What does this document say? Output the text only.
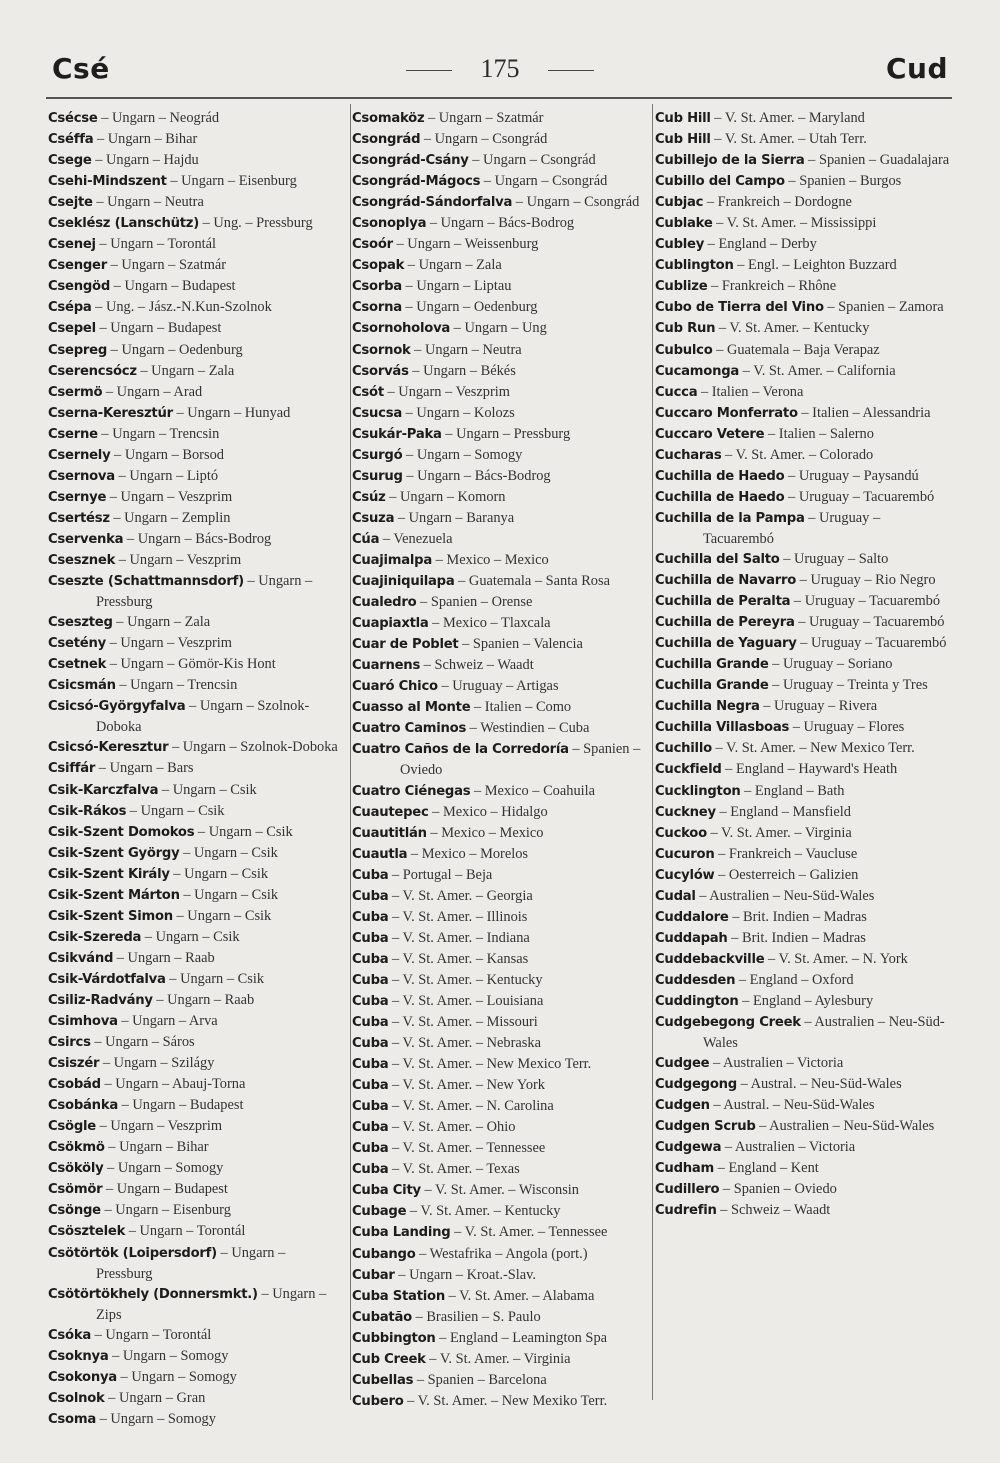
Csé	175	Cud

Csécse – Ungarn – Neográd

Cséffa – Ungarn – Bihar

Csege – Ungarn – Hajdu

Csehi-Mindszent – Ungarn – Eisenburg

Csejte – Ungarn – Neutra

Cseklész (Lanschütz) – Ung. – Pressburg

Csenej – Ungarn – Torontál

Csenger – Ungarn – Szatmár

Csengöd – Ungarn – Budapest

Csépa – Ung. – Jász.-N.Kun-Szolnok

Csepel – Ungarn – Budapest

Csepreg – Ungarn – Oedenburg

Cserencsócz – Ungarn – Zala

Csermö – Ungarn – Arad

Cserna-Keresztúr – Ungarn – Hunyad

Cserne – Ungarn – Trencsin

Csernely – Ungarn – Borsod

Csernova – Ungarn – Liptó

Csernye – Ungarn – Veszprim

Csertész – Ungarn – Zemplin

Cservenka – Ungarn – Bács-Bodrog

Csesznek – Ungarn – Veszprim

Cseszte (Schattmannsdorf) – Ungarn – Pressburg

Cseszteg – Ungarn – Zala

Csetény – Ungarn – Veszprim

Csetnek – Ungarn – Gömör-Kis Hont

Csicsmán – Ungarn – Trencsin

Csicsó-Györgyfalva – Ungarn – Szolnok-Doboka

Csicsó-Keresztur – Ungarn – Szolnok-Doboka

Csiffár – Ungarn – Bars

Csik-Karczfalva – Ungarn – Csik

Csik-Rákos – Ungarn – Csik

Csik-Szent Domokos – Ungarn – Csik

Csik-Szent György – Ungarn – Csik

Csik-Szent Király – Ungarn – Csik

Csik-Szent Márton – Ungarn – Csik

Csik-Szent Simon – Ungarn – Csik

Csik-Szereda – Ungarn – Csik

Csikvánd – Ungarn – Raab

Csik-Várdotfalva – Ungarn – Csik

Csiliz-Radvány – Ungarn – Raab

Csimhova – Ungarn – Arva

Csircs – Ungarn – Sáros

Csiszér – Ungarn – Szilágy

Csobád – Ungarn – Abauj-Torna

Csobánka – Ungarn – Budapest

Csögle – Ungarn – Veszprim

Csökmö – Ungarn – Bihar

Csököly – Ungarn – Somogy

Csömör – Ungarn – Budapest

Csönge – Ungarn – Eisenburg

Csösztelek – Ungarn – Torontál

Csötörtök (Loipersdorf) – Ungarn – Pressburg

Csötörtökhely (Donnersmkt.) – Ungarn – Zips

Csóka – Ungarn – Torontál

Csoknya – Ungarn – Somogy

Csokonya – Ungarn – Somogy

Csolnok – Ungarn – Gran

Csoma – Ungarn – Somogy

Csomaköz – Ungarn – Szatmár

Csongrád – Ungarn – Csongrád

Csongrád-Csány – Ungarn – Csongrád

Csongrád-Mágocs – Ungarn – Csongrád

Csongrád-Sándorfalva – Ungarn – Csongrád

Csonoplya – Ungarn – Bács-Bodrog

Csoór – Ungarn – Weissenburg

Csopak – Ungarn – Zala

Csorba – Ungarn – Liptau

Csorna – Ungarn – Oedenburg

Csornoholova – Ungarn – Ung

Csornok – Ungarn – Neutra

Csorvás – Ungarn – Békés

Csót – Ungarn – Veszprim

Csucsa – Ungarn – Kolozs

Csukár-Paka – Ungarn – Pressburg

Csurgó – Ungarn – Somogy

Csurug – Ungarn – Bács-Bodrog

Csúz – Ungarn – Komorn

Csuza – Ungarn – Baranya

Cúa – Venezuela

Cuajimalpa – Mexico – Mexico

Cuajiniquilapa – Guatemala – Santa Rosa

Cualedro – Spanien – Orense

Cuapiaxtla – Mexico – Tlaxcala

Cuar de Poblet – Spanien – Valencia

Cuarnens – Schweiz – Waadt

Cuaró Chico – Uruguay – Artigas

Cuasso al Monte – Italien – Como

Cuatro Caminos – Westindien – Cuba

Cuatro Caños de la Corredoría – Spanien – Oviedo

Cuatro Ciénegas – Mexico – Coahuila

Cuautepec – Mexico – Hidalgo

Cuautitlán – Mexico – Mexico

Cuautla – Mexico – Morelos

Cuba – Portugal – Beja

Cuba – V. St. Amer. – Georgia

Cuba – V. St. Amer. – Illinois

Cuba – V. St. Amer. – Indiana

Cuba – V. St. Amer. – Kansas

Cuba – V. St. Amer. – Kentucky

Cuba – V. St. Amer. – Louisiana

Cuba – V. St. Amer. – Missouri

Cuba – V. St. Amer. – Nebraska

Cuba – V. St. Amer. – New Mexico Terr.

Cuba – V. St. Amer. – New York

Cuba – V. St. Amer. – N. Carolina

Cuba – V. St. Amer. – Ohio

Cuba – V. St. Amer. – Tennessee

Cuba – V. St. Amer. – Texas

Cuba City – V. St. Amer. – Wisconsin

Cubage – V. St. Amer. – Kentucky

Cuba Landing – V. St. Amer. – Tennessee

Cubango – Westafrika – Angola (port.)

Cubar – Ungarn – Kroat.-Slav.

Cuba Station – V. St. Amer. – Alabama

Cubatão – Brasilien – S. Paulo

Cubbington – England – Leamington Spa

Cub Creek – V. St. Amer. – Virginia

Cubellas – Spanien – Barcelona

Cubero – V. St. Amer. – New Mexiko Terr.

Cub Hill – V. St. Amer. – Maryland

Cub Hill – V. St. Amer. – Utah Terr.

Cubillejo de la Sierra – Spanien – Guadalajara

Cubillo del Campo – Spanien – Burgos

Cubjac – Frankreich – Dordogne

Cublake – V. St. Amer. – Mississippi

Cubley – England – Derby

Cublington – Engl. – Leighton Buzzard

Cublize – Frankreich – Rhône

Cubo de Tierra del Vino – Spanien – Zamora

Cub Run – V. St. Amer. – Kentucky

Cubulco – Guatemala – Baja Verapaz

Cucamonga – V. St. Amer. – California

Cucca – Italien – Verona

Cuccaro Monferrato – Italien – Alessandria

Cuccaro Vetere – Italien – Salerno

Cucharas – V. St. Amer. – Colorado

Cuchilla de Haedo – Uruguay – Paysandú

Cuchilla de Haedo – Uruguay – Tacuarembó

Cuchilla de la Pampa – Uruguay – Tacuarembó

Cuchilla del Salto – Uruguay – Salto

Cuchilla de Navarro – Uruguay – Rio Negro

Cuchilla de Peralta – Uruguay – Tacuarembó

Cuchilla de Pereyra – Uruguay – Tacuarembó

Cuchilla de Yaguary – Uruguay – Tacuarembó

Cuchilla Grande – Uruguay – Soriano

Cuchilla Grande – Uruguay – Treinta y Tres

Cuchilla Negra – Uruguay – Rivera

Cuchilla Villasboas – Uruguay – Flores

Cuchillo – V. St. Amer. – New Mexico Terr.

Cuckfield – England – Hayward's Heath

Cucklington – England – Bath

Cuckney – England – Mansfield

Cuckoo – V. St. Amer. – Virginia

Cucuron – Frankreich – Vaucluse

Cucylów – Oesterreich – Galizien

Cudal – Australien – Neu-Süd-Wales

Cuddalore – Brit. Indien – Madras

Cuddapah – Brit. Indien – Madras

Cuddebackville – V. St. Amer. – N. York

Cuddesden – England – Oxford

Cuddington – England – Aylesbury

Cudgebegong Creek – Australien – Neu-Süd-Wales

Cudgee – Australien – Victoria

Cudgegong – Austral. – Neu-Süd-Wales

Cudgen – Austral. – Neu-Süd-Wales

Cudgen Scrub – Australien – Neu-Süd-Wales

Cudgewa – Australien – Victoria

Cudham – England – Kent

Cudillero – Spanien – Oviedo

Cudrefin – Schweiz – Waadt
